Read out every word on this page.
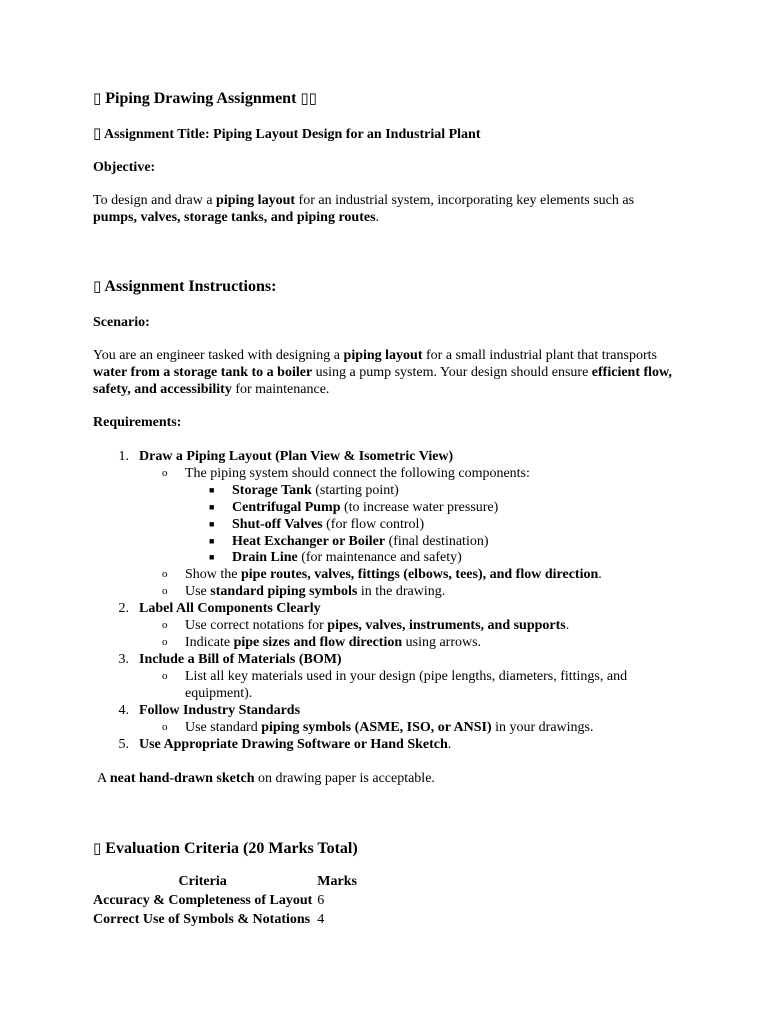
▯ Piping Drawing Assignment ▯▯
▯ Assignment Title: Piping Layout Design for an Industrial Plant
Objective:

To design and draw a piping layout for an industrial system, incorporating key elements such as pumps, valves, storage tanks, and piping routes.

▯ Assignment Instructions:
Scenario:

You are an engineer tasked with designing a piping layout for a small industrial plant that transports water from a storage tank to a boiler using a pump system. Your design should ensure efficient flow, safety, and accessibility for maintenance.

Requirements:
1. Draw a Piping Layout (Plan View & Isometric View)
o The piping system should connect the following components:
■ Storage Tank (starting point)
■ Centrifugal Pump (to increase water pressure)
■ Shut-off Valves (for flow control)
■ Heat Exchanger or Boiler (final destination)
■ Drain Line (for maintenance and safety)
o Show the pipe routes, valves, fittings (elbows, tees), and flow direction.
o Use standard piping symbols in the drawing.
2. Label All Components Clearly
o Use correct notations for pipes, valves, instruments, and supports.
o Indicate pipe sizes and flow direction using arrows.
3. Include a Bill of Materials (BOM)
o List all key materials used in your design (pipe lengths, diameters, fittings, and equipment).
4. Follow Industry Standards
o Use standard piping symbols (ASME, ISO, or ANSI) in your drawings.
5. Use Appropriate Drawing Software or Hand Sketch.

A neat hand-drawn sketch on drawing paper is acceptable.

▯ Evaluation Criteria (20 Marks Total)
Criteria	Marks
Accuracy & Completeness of Layout	6
Correct Use of Symbols & Notations	4
